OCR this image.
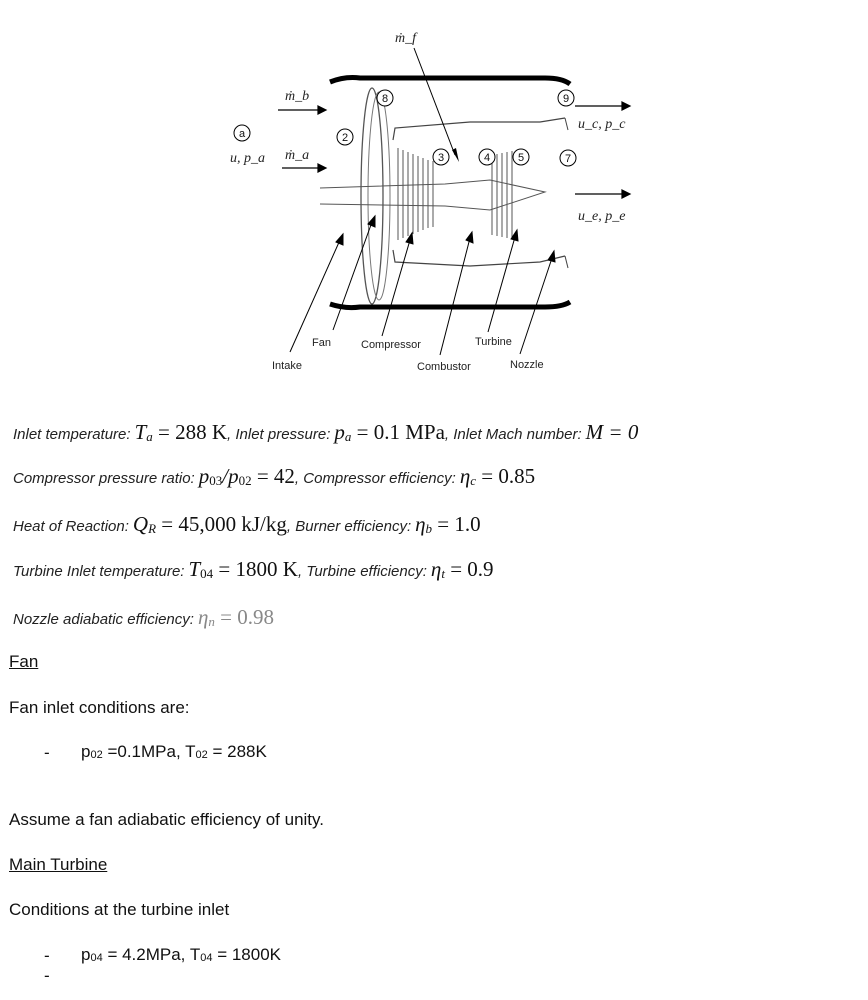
a	2
8
3	4	5	7
9
ṁ_f
ṁ_b
ṁ_a
u, p_a
u_c, p_c
u_e, p_e
Fan
Intake
Compressor
Combustor
Turbine
Nozzle
Inlet temperature: $T_a = 288$ K, Inlet pressure: $p_a = 0.1$ MPa, Inlet Mach number: M = 0
Compressor pressure ratio: $p_{03}/p_{02} = 42$, Compressor efficiency: $\eta_c = 0.85$
Heat of Reaction: $Q_R = 45,000$ kJ/kg, Burner efficiency: $\eta_b = 1.0$
Turbine Inlet temperature: $T_{04} = 1800$ K, Turbine efficiency: $\eta_t = 0.9$
Nozzle adiabatic efficiency: $\eta_n = 0.98$
Fan
Fan inlet conditions are:
- $p_{02} =0.1MPa$, $T_{02} = 288K$
Assume a fan adiabatic efficiency of unity.
Main Turbine
Conditions at the turbine inlet
- $p_{04} = 4.2MPa$, $T_{04} = 1800K$
-
